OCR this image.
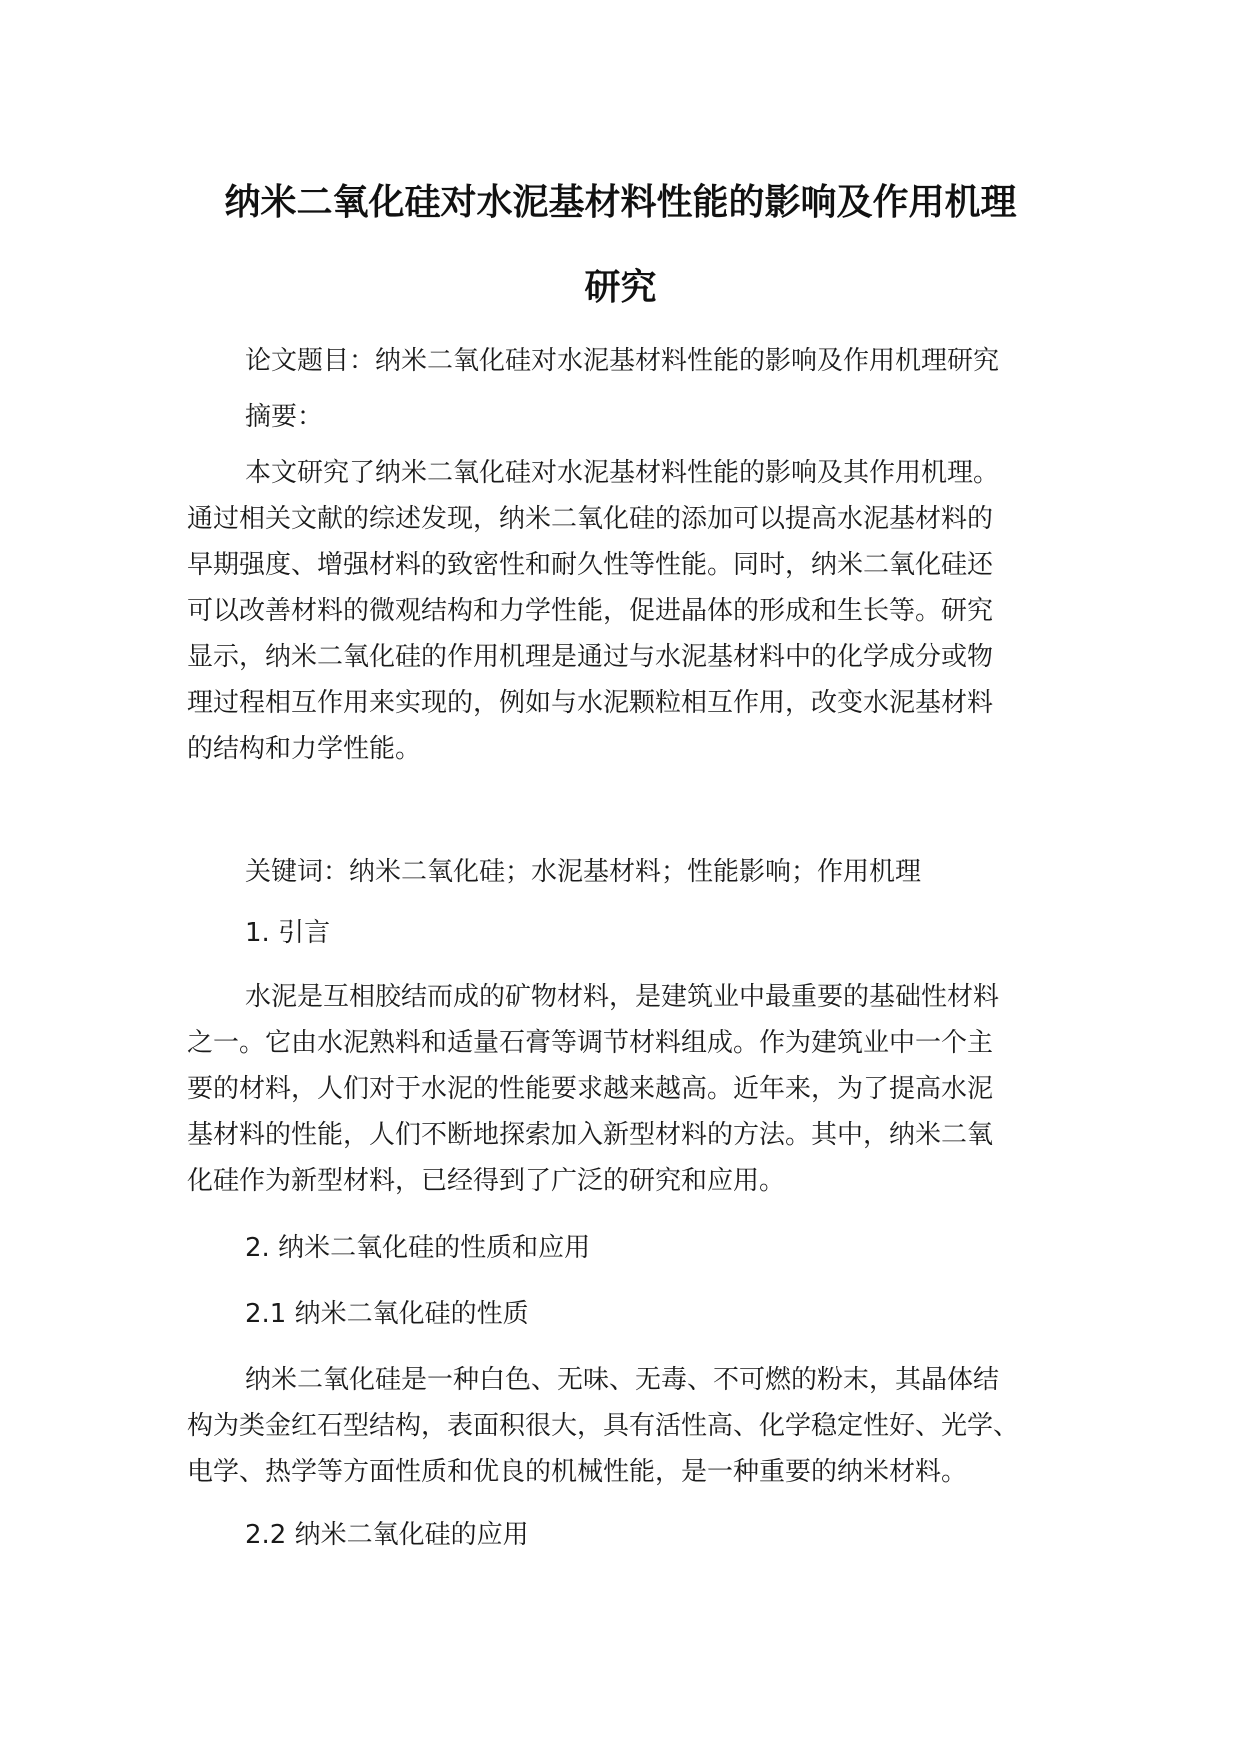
纳米二氧化硅对水泥基材料性能的影响及作用机理
研究

论文题目：纳米二氧化硅对水泥基材料性能的影响及作用机理研究

摘要：

本文研究了纳米二氧化硅对水泥基材料性能的影响及其作用机理。
通过相关文献的综述发现，纳米二氧化硅的添加可以提高水泥基材料的
早期强度、增强材料的致密性和耐久性等性能。同时，纳米二氧化硅还
可以改善材料的微观结构和力学性能，促进晶体的形成和生长等。研究
显示，纳米二氧化硅的作用机理是通过与水泥基材料中的化学成分或物
理过程相互作用来实现的，例如与水泥颗粒相互作用，改变水泥基材料
的结构和力学性能。

关键词：纳米二氧化硅；水泥基材料；性能影响；作用机理

1. 引言

水泥是互相胶结而成的矿物材料，是建筑业中最重要的基础性材料
之一。它由水泥熟料和适量石膏等调节材料组成。作为建筑业中一个主
要的材料，人们对于水泥的性能要求越来越高。近年来，为了提高水泥
基材料的性能，人们不断地探索加入新型材料的方法。其中，纳米二氧
化硅作为新型材料，已经得到了广泛的研究和应用。

2. 纳米二氧化硅的性质和应用

2.1 纳米二氧化硅的性质

纳米二氧化硅是一种白色、无味、无毒、不可燃的粉末，其晶体结
构为类金红石型结构，表面积很大，具有活性高、化学稳定性好、光学、
电学、热学等方面性质和优良的机械性能，是一种重要的纳米材料。

2.2 纳米二氧化硅的应用
